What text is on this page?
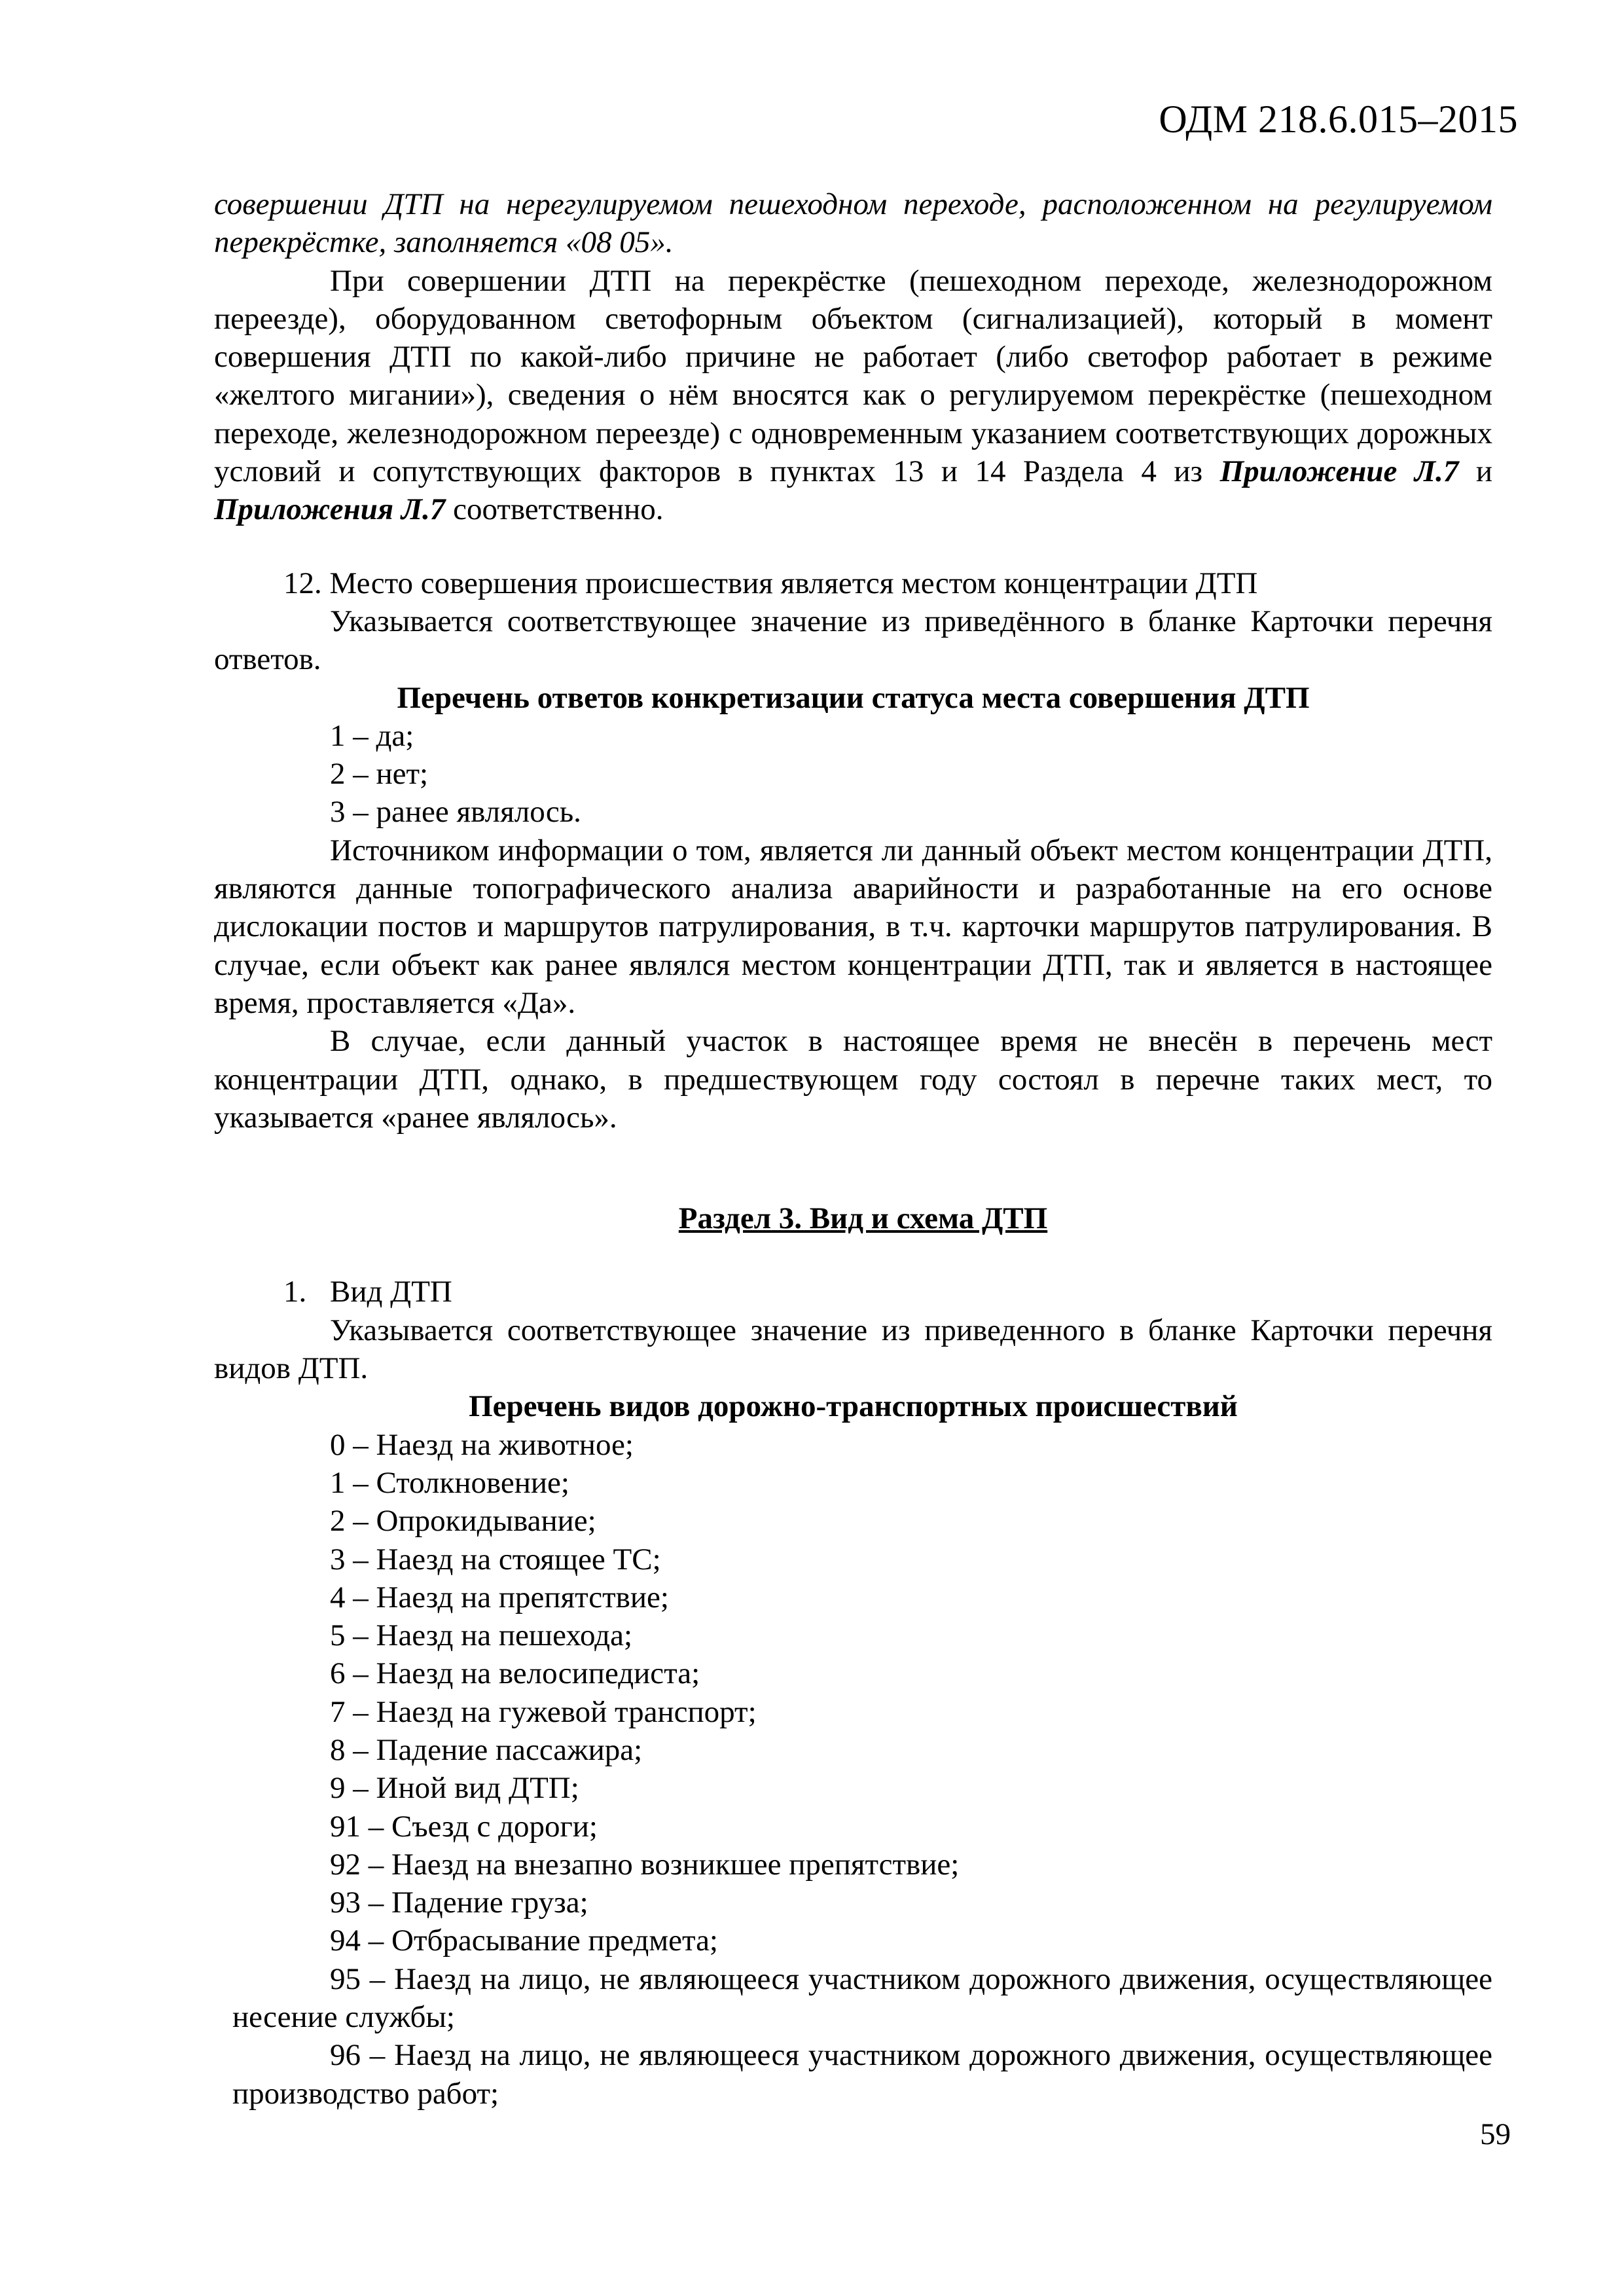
ОДМ 218.6.015–2015

совершении ДТП на нерегулируемом пешеходном переходе, расположенном на регулируемом перекрёстке, заполняется «08 05».

При совершении ДТП на перекрёстке (пешеходном переходе, железнодорожном переезде), оборудованном светофорным объектом (сигнализацией), который в момент совершения ДТП по какой-либо причине не работает (либо светофор работает в режиме «желтого мигании»), сведения о нём вносятся как о регулируемом перекрёстке (пешеходном переходе, железнодорожном переезде) с одновременным указанием соответствующих дорожных условий и сопутствующих факторов в пунктах 13 и 14 Раздела 4 из Приложение Л.7 и Приложения Л.7 соответственно.

12. Место совершения происшествия является местом концентрации ДТП

Указывается соответствующее значение из приведённого в бланке Карточки перечня ответов.

Перечень ответов конкретизации статуса места совершения ДТП

1 – да;

2 – нет;

3 – ранее являлось.

Источником информации о том, является ли данный объект местом концентрации ДТП, являются данные топографического анализа аварийности и разработанные на его основе дислокации постов и маршрутов патрулирования, в т.ч. карточки маршрутов патрулирования. В случае, если объект как ранее являлся местом концентрации ДТП, так и является в настоящее время, проставляется «Да».

В случае, если данный участок в настоящее время не внесён в перечень мест концентрации ДТП, однако, в предшествующем году состоял в перечне таких мест, то указывается «ранее являлось».

Раздел 3. Вид и схема ДТП

1. Вид ДТП

Указывается соответствующее значение из приведенного в бланке Карточки перечня видов ДТП.

Перечень видов дорожно-транспортных происшествий

0 – Наезд на животное;

1 – Столкновение;

2 – Опрокидывание;

3 – Наезд на стоящее ТС;

4 – Наезд на препятствие;

5 – Наезд на пешехода;

6 – Наезд на велосипедиста;

7 – Наезд на гужевой транспорт;

8 – Падение пассажира;

9 – Иной вид ДТП;

91 – Съезд с дороги;

92 – Наезд на внезапно возникшее препятствие;

93 – Падение груза;

94 – Отбрасывание предмета;

95 – Наезд на лицо, не являющееся участником дорожного движения, осуществляющее несение службы;

96 – Наезд на лицо, не являющееся участником дорожного движения, осуществляющее производство работ;

59
